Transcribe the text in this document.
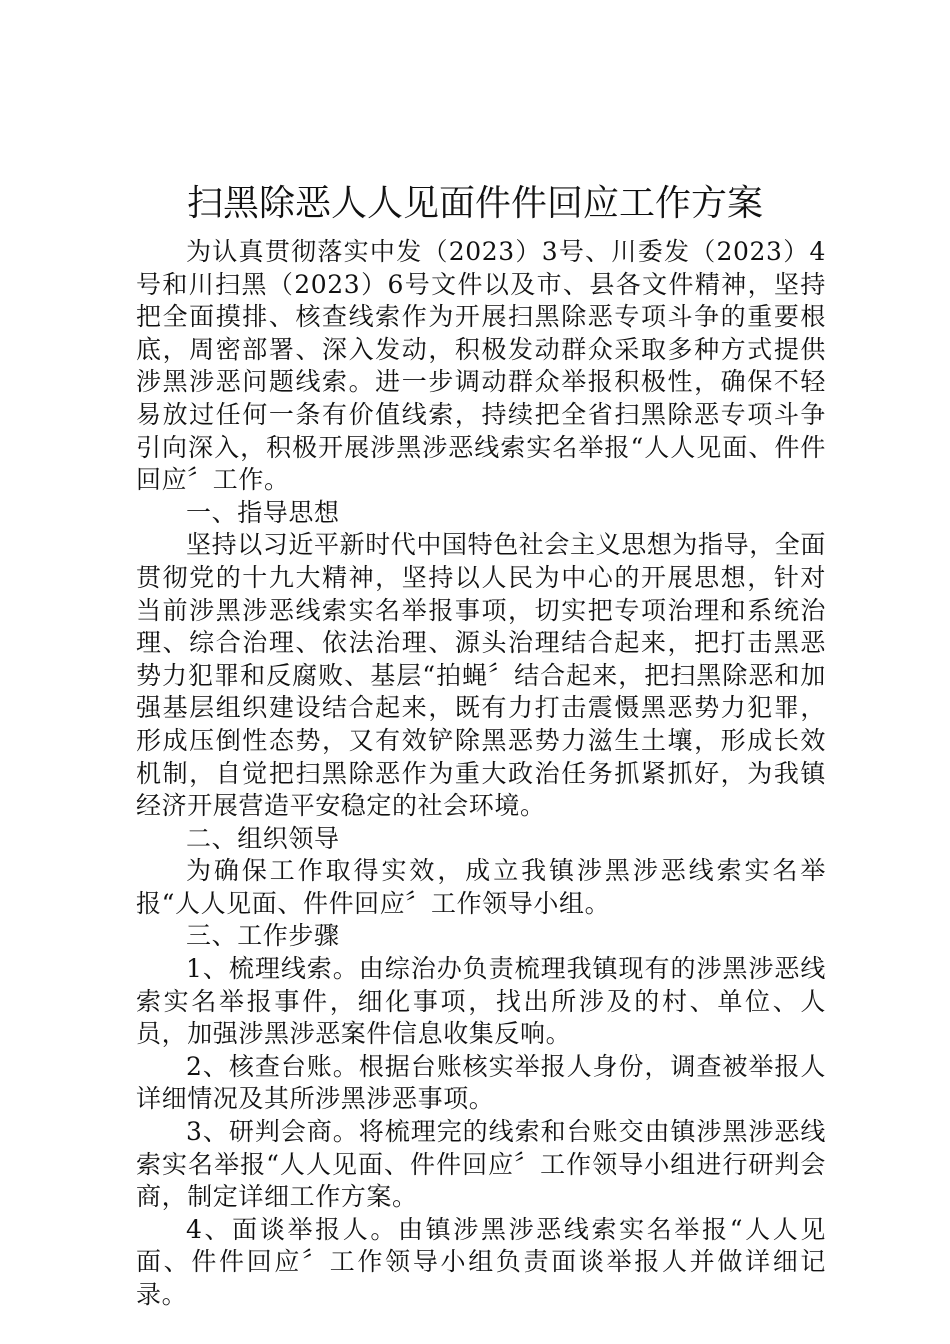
扫黑除恶人人见面件件回应工作方案

为认真贯彻落实中发（2023）3号、川委发（2023）4号和川扫黑（2023）6号文件以及市、县各文件精神，坚持把全面摸排、核查线索作为开展扫黑除恶专项斗争的重要根底，周密部署、深入发动，积极发动群众采取多种方式提供涉黑涉恶问题线索。进一步调动群众举报积极性，确保不轻易放过任何一条有价值线索，持续把全省扫黑除恶专项斗争引向深入，积极开展涉黑涉恶线索实名举报“人人见面、件件回应〞工作。

一、指导思想

坚持以习近平新时代中国特色社会主义思想为指导，全面贯彻党的十九大精神，坚持以人民为中心的开展思想，针对当前涉黑涉恶线索实名举报事项，切实把专项治理和系统治理、综合治理、依法治理、源头治理结合起来，把打击黑恶势力犯罪和反腐败、基层“拍蝇〞结合起来，把扫黑除恶和加强基层组织建设结合起来，既有力打击震慑黑恶势力犯罪，形成压倒性态势，又有效铲除黑恶势力滋生土壤，形成长效机制，自觉把扫黑除恶作为重大政治任务抓紧抓好，为我镇经济开展营造平安稳定的社会环境。

二、组织领导

为确保工作取得实效，成立我镇涉黑涉恶线索实名举报“人人见面、件件回应〞工作领导小组。

三、工作步骤

1、梳理线索。由综治办负责梳理我镇现有的涉黑涉恶线索实名举报事件，细化事项，找出所涉及的村、单位、人员，加强涉黑涉恶案件信息收集反响。

2、核查台账。根据台账核实举报人身份，调查被举报人详细情况及其所涉黑涉恶事项。

3、研判会商。将梳理完的线索和台账交由镇涉黑涉恶线索实名举报“人人见面、件件回应〞工作领导小组进行研判会商，制定详细工作方案。

4、面谈举报人。由镇涉黑涉恶线索实名举报“人人见面、件件回应〞工作领导小组负责面谈举报人并做详细记录。
